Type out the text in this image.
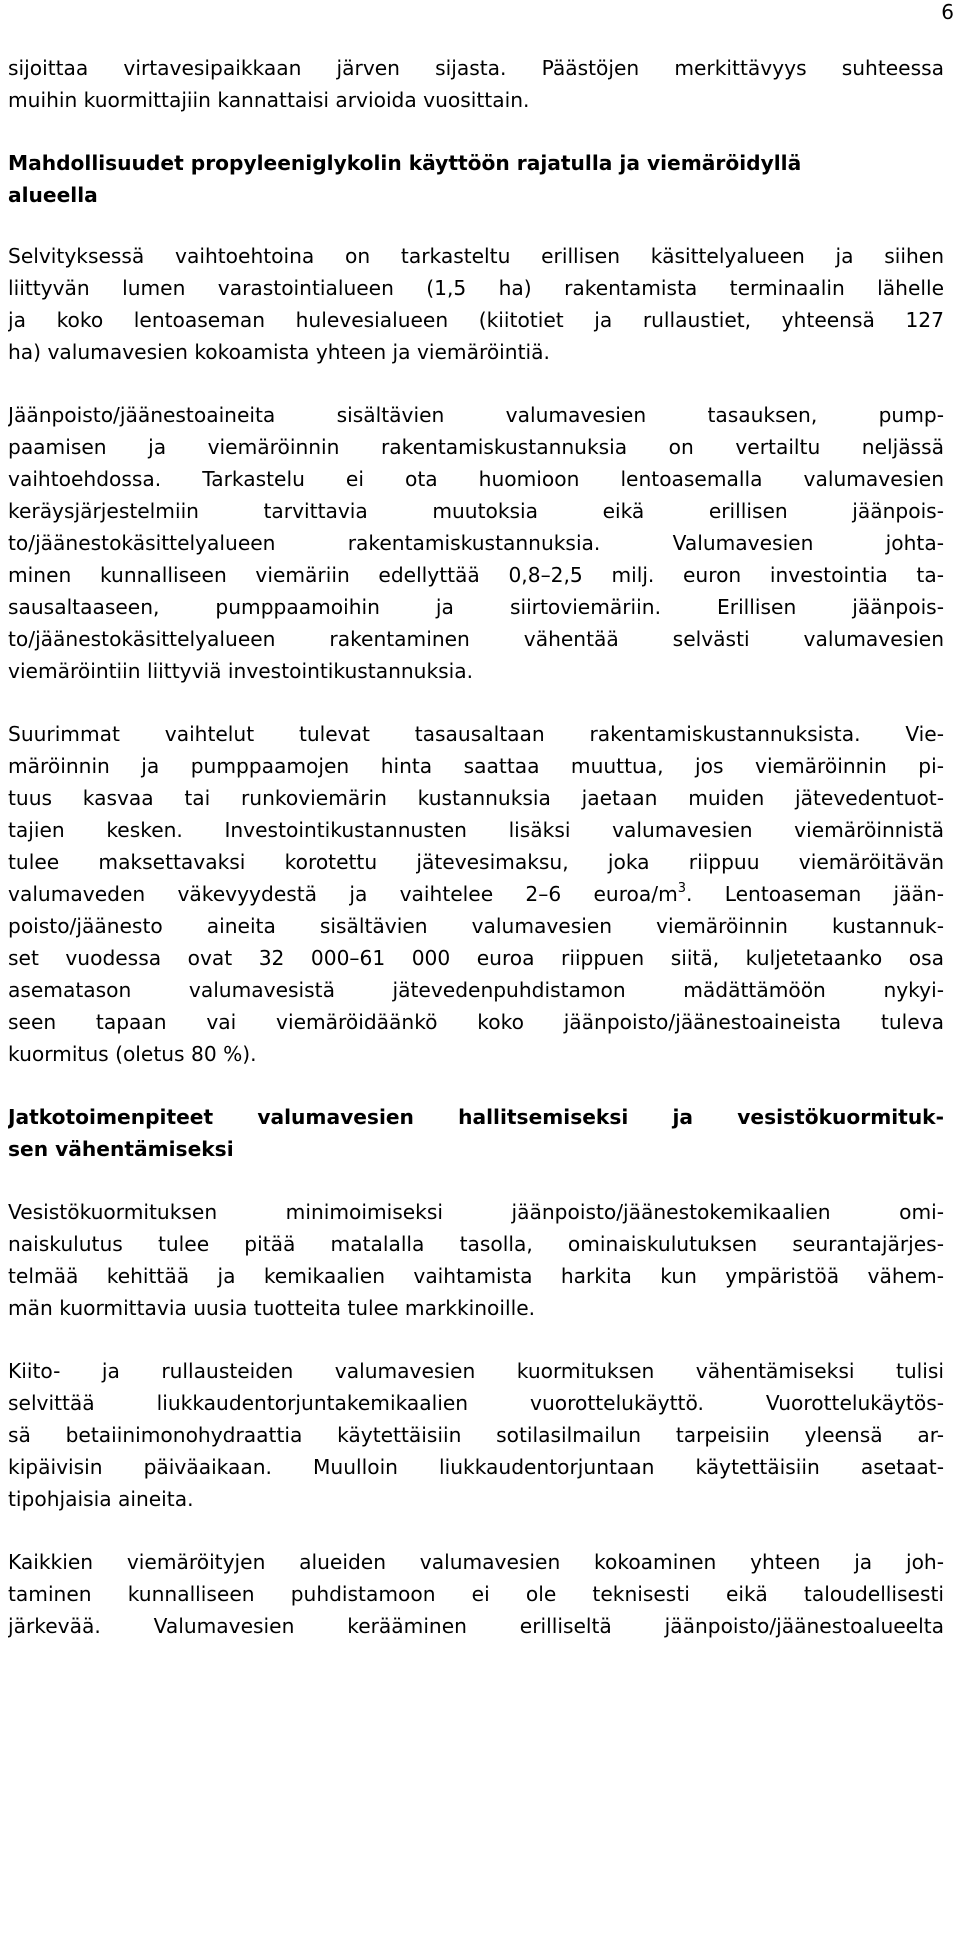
6
sijoittaa virtavesipaikkaan järven sijasta. Päästöjen merkittävyys suhteessa
muihin kuormittajiin kannattaisi arvioida vuosittain.
Mahdollisuudet propyleeniglykolin käyttöön rajatulla ja viemäröidyllä
alueella
Selvityksessä vaihtoehtoina on tarkasteltu erillisen käsittelyalueen ja siihen
liittyvän lumen varastointialueen (1,5 ha) rakentamista terminaalin lähelle
ja koko lentoaseman hulevesialueen (kiitotiet ja rullaustiet, yhteensä 127
ha) valumavesien kokoamista yhteen ja viemäröintiä.
Jäänpoisto/jäänestoaineita sisältävien valumavesien tasauksen, pump-
paamisen ja viemäröinnin rakentamiskustannuksia on vertailtu neljässä
vaihtoehdossa. Tarkastelu ei ota huomioon lentoasemalla valumavesien
keräysjärjestelmiin tarvittavia muutoksia eikä erillisen jäänpois-
to/jäänestokäsittelyalueen rakentamiskustannuksia. Valumavesien johta-
minen kunnalliseen viemäriin edellyttää 0,8–2,5 milj. euron investointia ta-
sausaltaaseen, pumppaamoihin ja siirtoviemäriin. Erillisen jäänpois-
to/jäänestokäsittelyalueen rakentaminen vähentää selvästi valumavesien
viemäröintiin liittyviä investointikustannuksia.
Suurimmat vaihtelut tulevat tasausaltaan rakentamiskustannuksista. Vie-
märöinnin ja pumppaamojen hinta saattaa muuttua, jos viemäröinnin pi-
tuus kasvaa tai runkoviemärin kustannuksia jaetaan muiden jätevedentuot-
tajien kesken. Investointikustannusten lisäksi valumavesien viemäröinnistä
tulee maksettavaksi korotettu jätevesimaksu, joka riippuu viemäröitävän
valumaveden väkevyydestä ja vaihtelee 2–6 euroa/$m^3$. Lentoaseman jään-
poisto/jäänesto aineita sisältävien valumavesien viemäröinnin kustannuk-
set vuodessa ovat 32 000–61 000 euroa riippuen siitä, kuljetetaanko osa
asematason valumavesistä jätevedenpuhdistamon mädättämöön nykyi-
seen tapaan vai viemäröidäänkö koko jäänpoisto/jäänestoaineista tuleva
kuormitus (oletus 80 %).
Jatkotoimenpiteet valumavesien hallitsemiseksi ja vesistökuormituk-
sen vähentämiseksi
Vesistökuormituksen minimoimiseksi jäänpoisto/jäänestokemikaalien omi-
naiskulutus tulee pitää matalalla tasolla, ominaiskulutuksen seurantajärjes-
telmää kehittää ja kemikaalien vaihtamista harkita kun ympäristöä vähem-
män kuormittavia uusia tuotteita tulee markkinoille.
Kiito- ja rullausteiden valumavesien kuormituksen vähentämiseksi tulisi
selvittää liukkaudentorjuntakemikaalien vuorottelukäyttö. Vuorottelukäytös-
sä betaiinimonohydraattia käytettäisiin sotilasilmailun tarpeisiin yleensä ar-
kipäivisin päiväaikaan. Muulloin liukkaudentorjuntaan käytettäisiin asetaat-
tipohjaisia aineita.
Kaikkien viemäröityjen alueiden valumavesien kokoaminen yhteen ja joh-
taminen kunnalliseen puhdistamoon ei ole teknisesti eikä taloudellisesti
järkevää. Valumavesien kerääminen erilliseltä jäänpoisto/jäänestoalueelta
